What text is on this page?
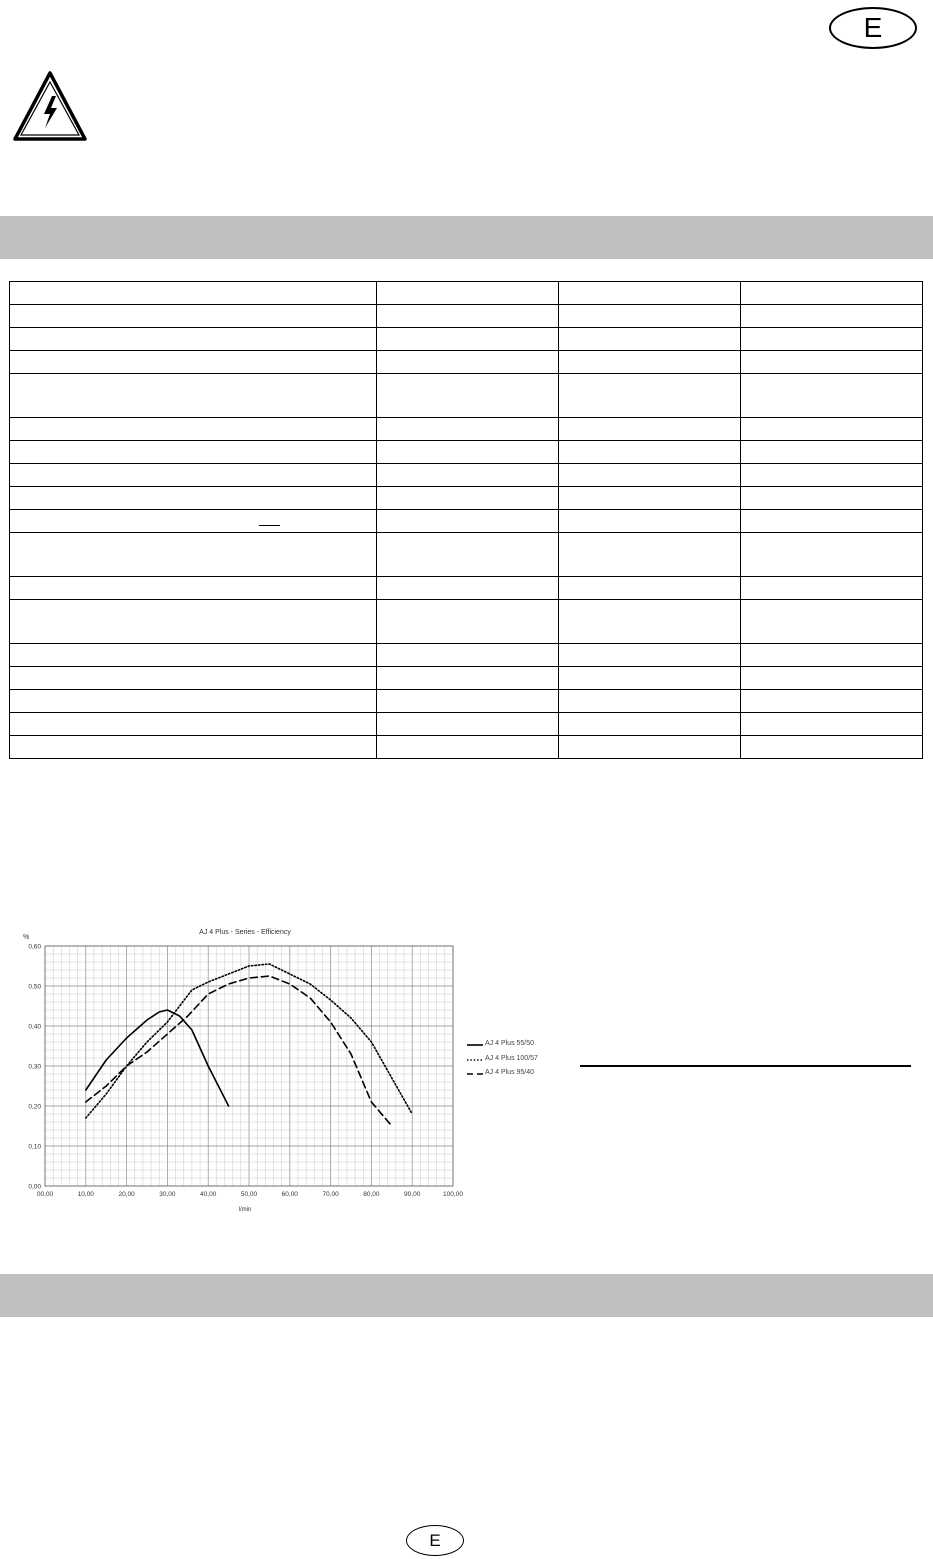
E

AJ 4 Plus - Series - Efficiency
%
l/min
00,00	10,00	20,00	30,00	40,00	50,00	60,00	70,00	80,00	90,00	100,00
0,00
0,10
0,20
0,30
0,40
0,50
0,60
AJ 4 Plus 55/50
AJ 4 Plus 100/57
AJ 4 Plus 95/40
E
